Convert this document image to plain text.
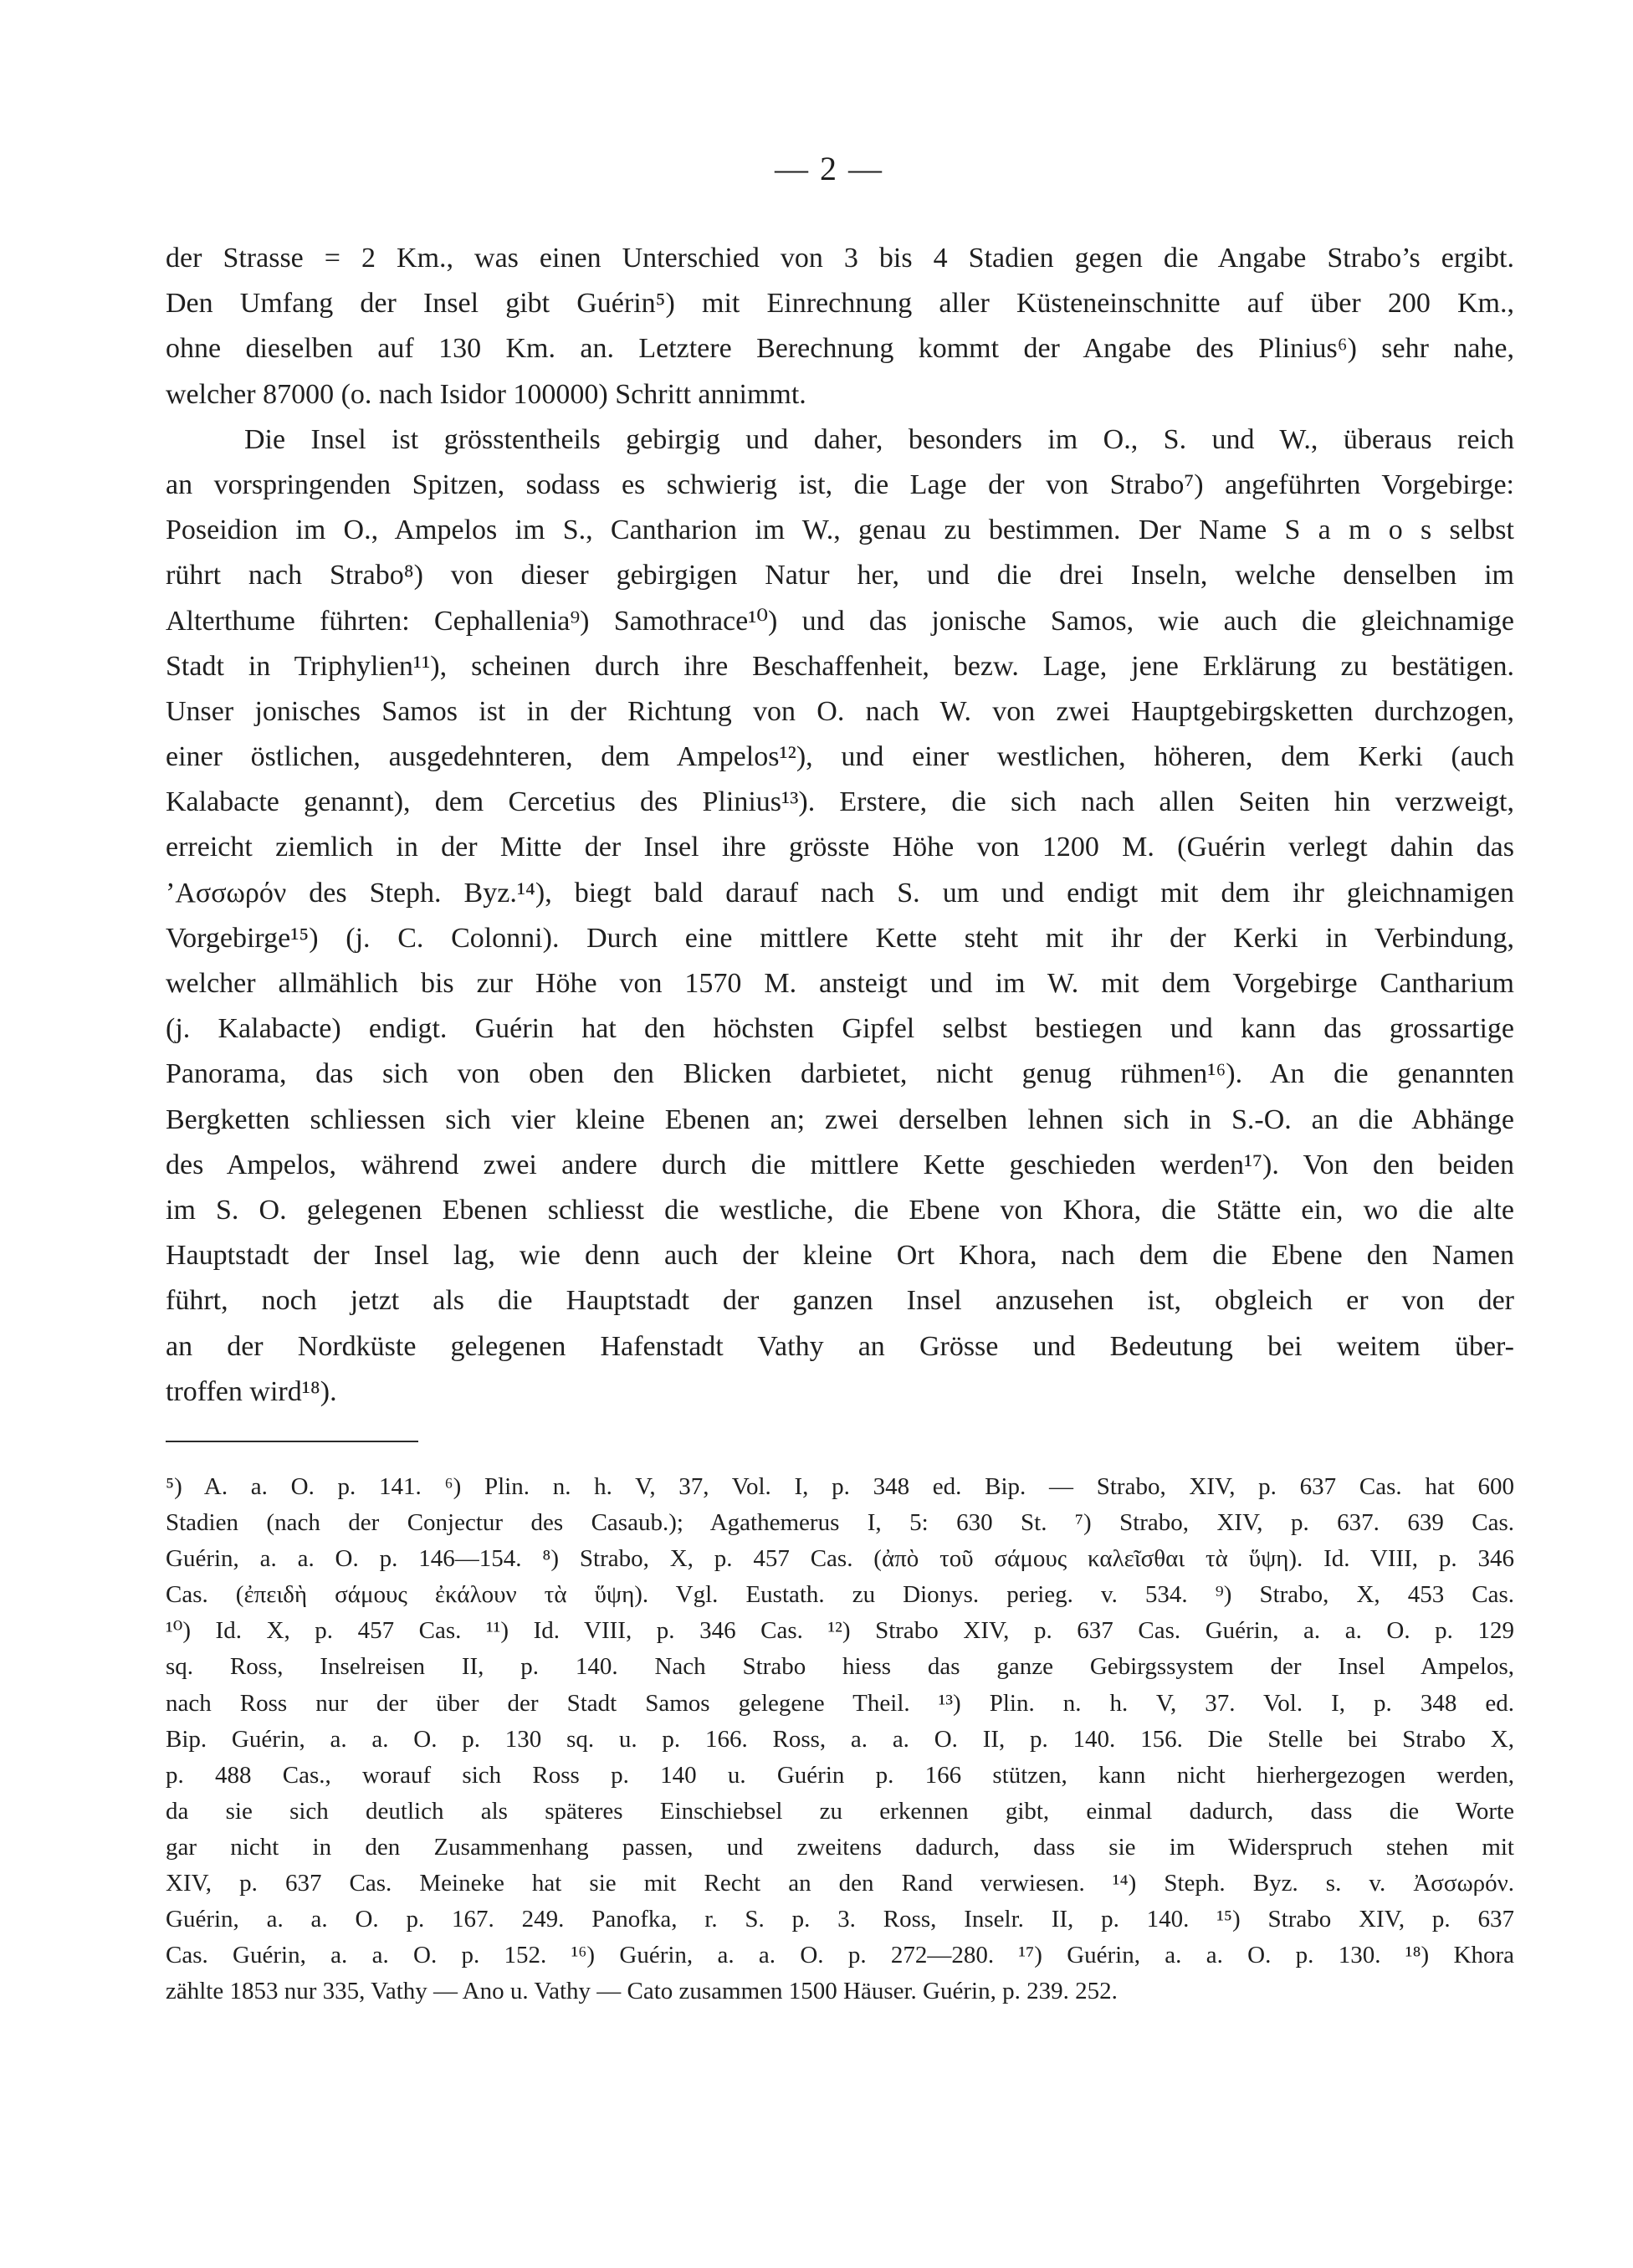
— 2 —
der Strasse = 2 Km., was einen Unterschied von 3 bis 4 Stadien gegen die Angabe Strabo’s ergibt.
Den Umfang der Insel gibt Guérin⁵) mit Einrechnung aller Küsteneinschnitte auf über 200 Km.,
ohne dieselben auf 130 Km. an. Letztere Berechnung kommt der Angabe des Plinius⁶) sehr nahe,
welcher 87000 (o. nach Isidor 100000) Schritt annimmt.
Die Insel ist grösstentheils gebirgig und daher, besonders im O., S. und W., überaus reich
an vorspringenden Spitzen, sodass es schwierig ist, die Lage der von Strabo⁷) angeführten Vorgebirge:
Poseidion im O., Ampelos im S., Cantharion im W., genau zu bestimmen. Der Name S a m o s selbst
rührt nach Strabo⁸) von dieser gebirgigen Natur her, und die drei Inseln, welche denselben im
Alterthume führten: Cephallenia⁹) Samothrace¹⁰) und das jonische Samos, wie auch die gleichnamige
Stadt in Triphylien¹¹), scheinen durch ihre Beschaffenheit, bezw. Lage, jene Erklärung zu bestätigen.
Unser jonisches Samos ist in der Richtung von O. nach W. von zwei Hauptgebirgsketten durchzogen,
einer östlichen, ausgedehnteren, dem Ampelos¹²), und einer westlichen, höheren, dem Kerki (auch
Kalabacte genannt), dem Cercetius des Plinius¹³). Erstere, die sich nach allen Seiten hin verzweigt,
erreicht ziemlich in der Mitte der Insel ihre grösste Höhe von 1200 M. (Guérin verlegt dahin das
’Ασσωρόν des Steph. Byz.¹⁴), biegt bald darauf nach S. um und endigt mit dem ihr gleichnamigen
Vorgebirge¹⁵) (j. C. Colonni). Durch eine mittlere Kette steht mit ihr der Kerki in Verbindung,
welcher allmählich bis zur Höhe von 1570 M. ansteigt und im W. mit dem Vorgebirge Cantharium
(j. Kalabacte) endigt. Guérin hat den höchsten Gipfel selbst bestiegen und kann das grossartige
Panorama, das sich von oben den Blicken darbietet, nicht genug rühmen¹⁶). An die genannten
Bergketten schliessen sich vier kleine Ebenen an; zwei derselben lehnen sich in S.-O. an die Abhänge
des Ampelos, während zwei andere durch die mittlere Kette geschieden werden¹⁷). Von den beiden
im S. O. gelegenen Ebenen schliesst die westliche, die Ebene von Khora, die Stätte ein, wo die alte
Hauptstadt der Insel lag, wie denn auch der kleine Ort Khora, nach dem die Ebene den Namen
führt, noch jetzt als die Hauptstadt der ganzen Insel anzusehen ist, obgleich er von der
an der Nordküste gelegenen Hafenstadt Vathy an Grösse und Bedeutung bei weitem über-
troffen wird¹⁸).
⁵) A. a. O. p. 141. ⁶) Plin. n. h. V, 37, Vol. I, p. 348 ed. Bip. — Strabo, XIV, p. 637 Cas. hat 600
Stadien (nach der Conjectur des Casaub.); Agathemerus I, 5: 630 St. ⁷) Strabo, XIV, p. 637. 639 Cas.
Guérin, a. a. O. p. 146—154. ⁸) Strabo, X, p. 457 Cas. (ἀπὸ τοῦ σάμους καλεῖσθαι τὰ ὕψη). Id. VIII, p. 346
Cas. (ἐπειδὴ σάμους ἐκάλουν τὰ ὕψη). Vgl. Eustath. zu Dionys. perieg. v. 534. ⁹) Strabo, X, 453 Cas.
¹⁰) Id. X, p. 457 Cas. ¹¹) Id. VIII, p. 346 Cas. ¹²) Strabo XIV, p. 637 Cas. Guérin, a. a. O. p. 129
sq. Ross, Inselreisen II, p. 140. Nach Strabo hiess das ganze Gebirgssystem der Insel Ampelos,
nach Ross nur der über der Stadt Samos gelegene Theil. ¹³) Plin. n. h. V, 37. Vol. I, p. 348 ed.
Bip. Guérin, a. a. O. p. 130 sq. u. p. 166. Ross, a. a. O. II, p. 140. 156. Die Stelle bei Strabo X,
p. 488 Cas., worauf sich Ross p. 140 u. Guérin p. 166 stützen, kann nicht hierhergezogen werden,
da sie sich deutlich als späteres Einschiebsel zu erkennen gibt, einmal dadurch, dass die Worte
gar nicht in den Zusammenhang passen, und zweitens dadurch, dass sie im Widerspruch stehen mit
XIV, p. 637 Cas. Meineke hat sie mit Recht an den Rand verwiesen. ¹⁴) Steph. Byz. s. v. Ἀσσωρόν.
Guérin, a. a. O. p. 167. 249. Panofka, r. S. p. 3. Ross, Inselr. II, p. 140. ¹⁵) Strabo XIV, p. 637
Cas. Guérin, a. a. O. p. 152. ¹⁶) Guérin, a. a. O. p. 272—280. ¹⁷) Guérin, a. a. O. p. 130. ¹⁸) Khora
zählte 1853 nur 335, Vathy — Ano u. Vathy — Cato zusammen 1500 Häuser. Guérin, p. 239. 252.
